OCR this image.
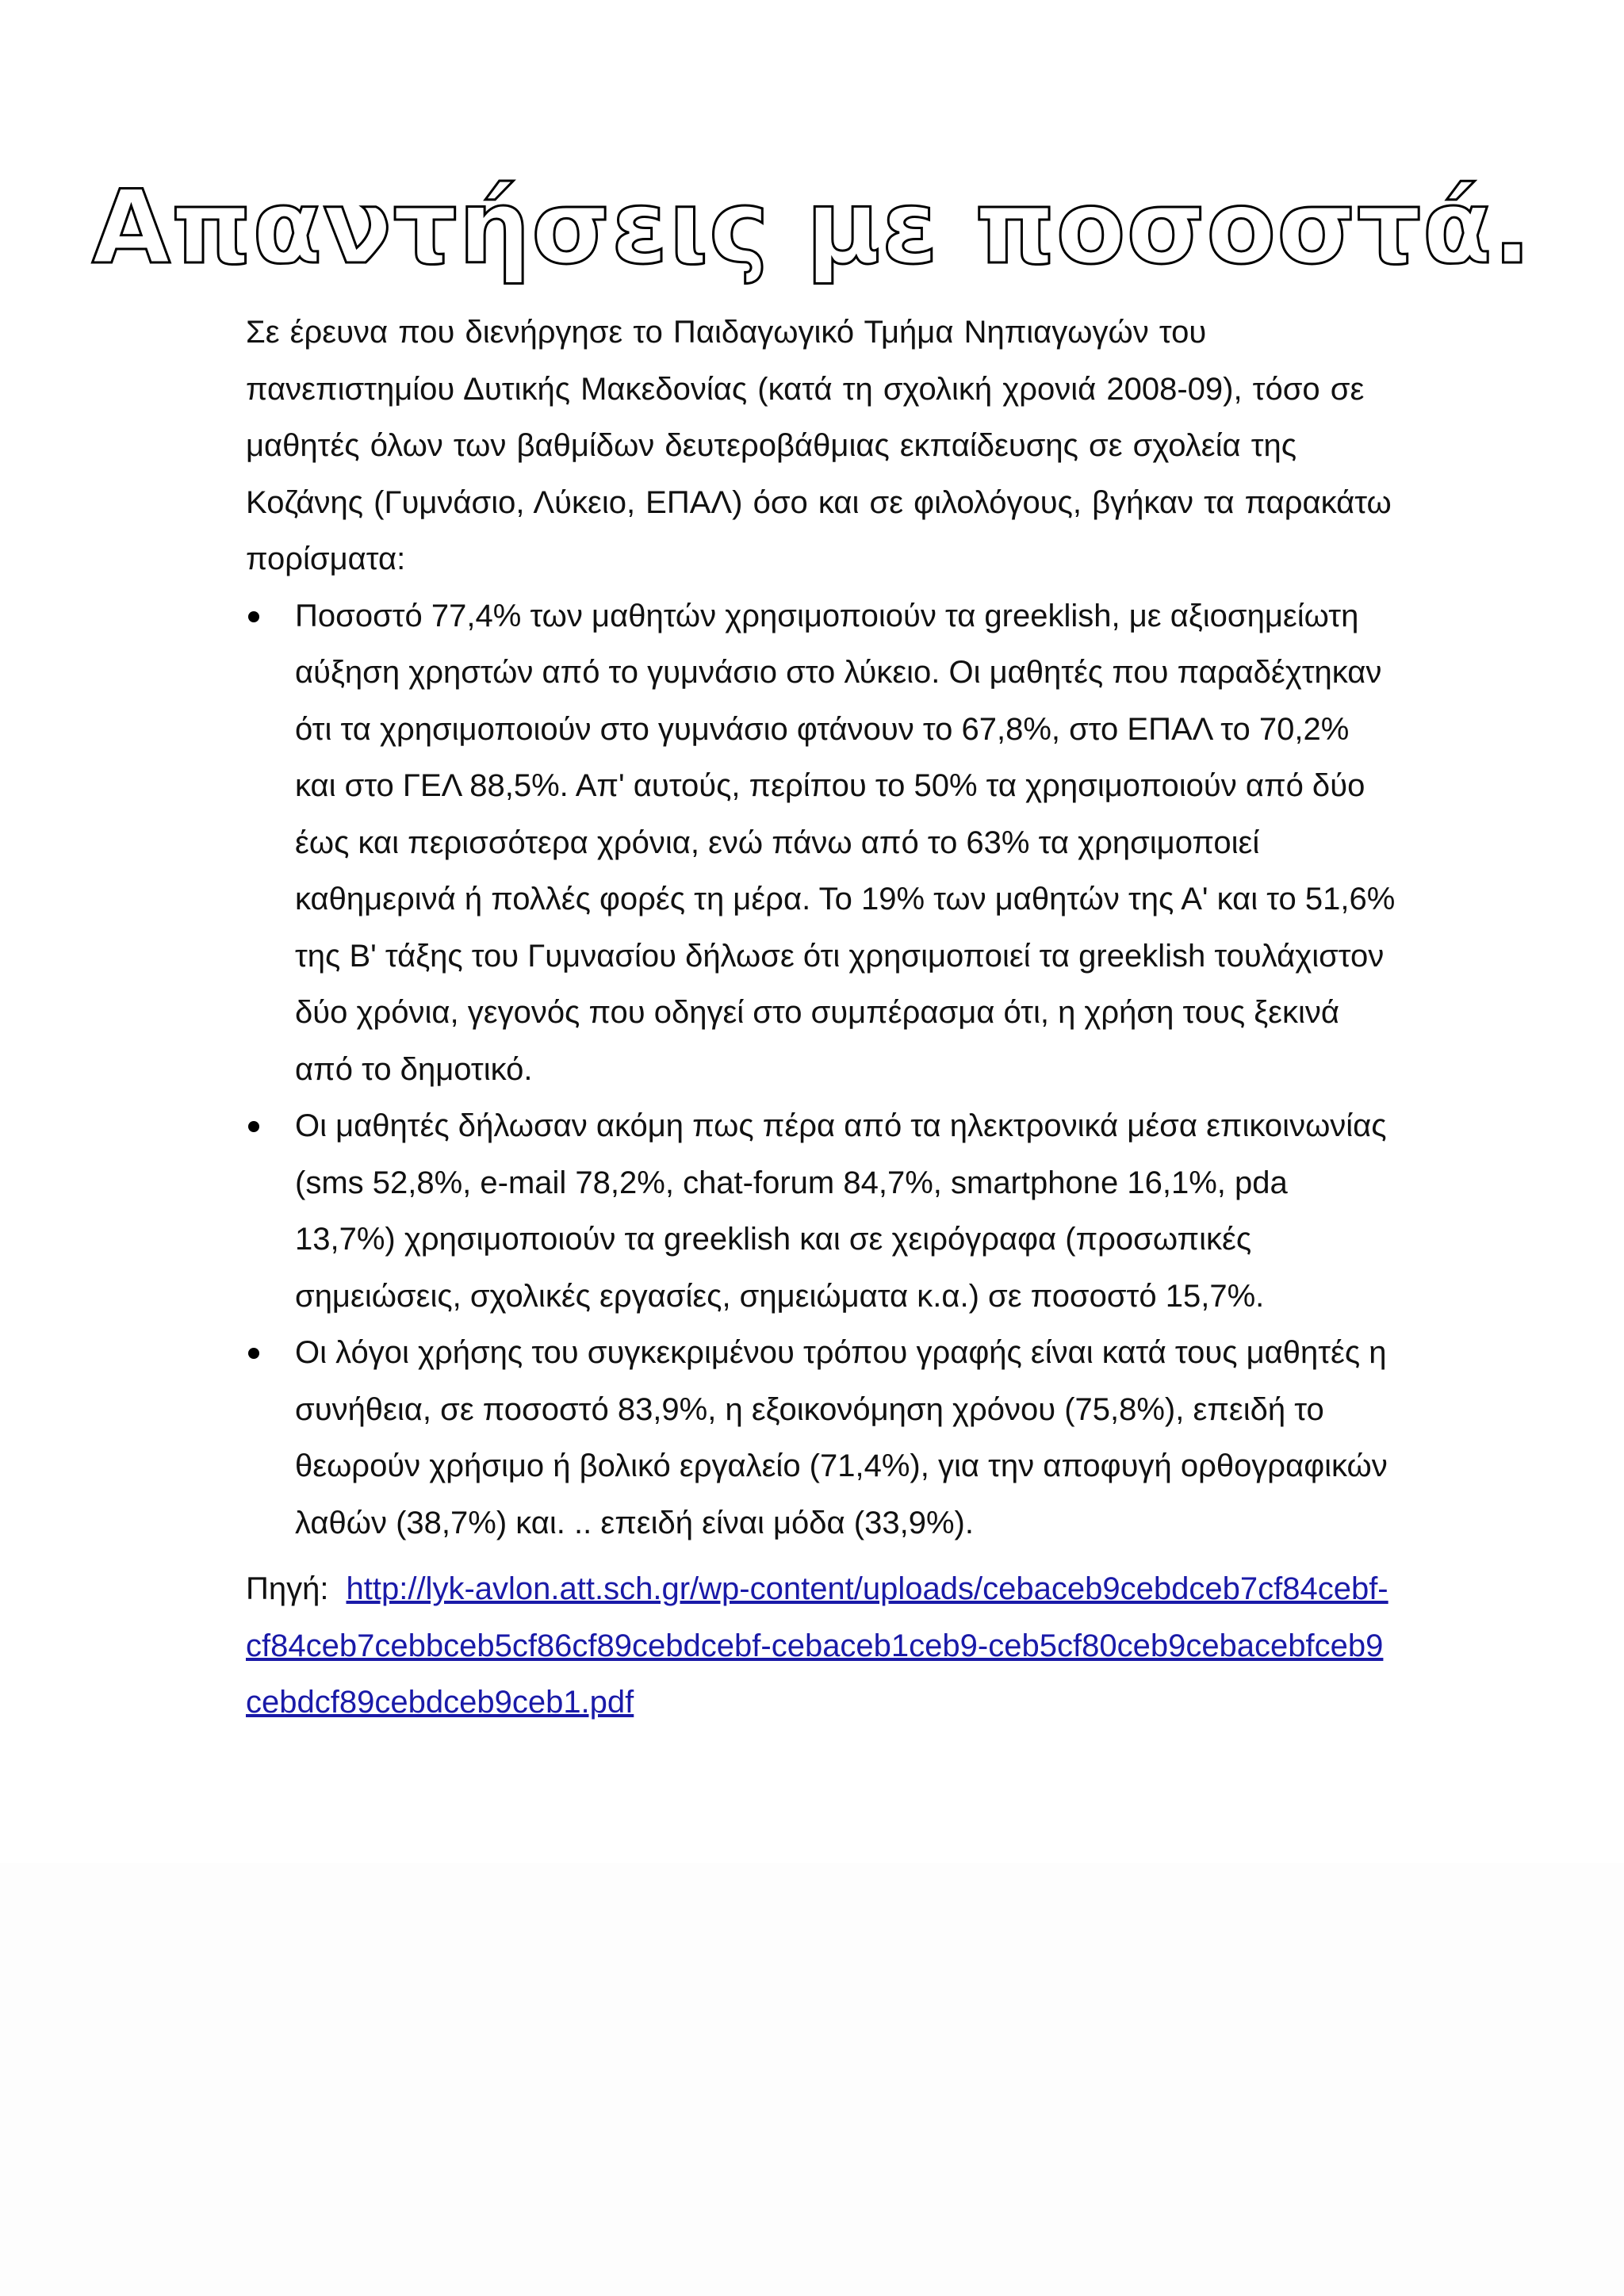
Απαντήσεις με ποσοστά.

Σε έρευνα που διενήργησε το Παιδαγωγικό Τμήμα Νηπιαγωγών του πανεπιστημίου Δυτικής Μακεδονίας (κατά τη σχολική χρονιά 2008-09), τόσο σε μαθητές όλων των βαθμίδων δευτεροβάθμιας εκπαίδευσης σε σχολεία της Κοζάνης (Γυμνάσιο, Λύκειο, ΕΠΑΛ) όσο και σε φιλολόγους, βγήκαν τα παρακάτω πορίσματα:

Ποσοστό 77,4% των μαθητών χρησιμοποιούν τα greeklish, με αξιοσημείωτη αύξηση χρηστών από το γυμνάσιο στο λύκειο. Οι μαθητές που παραδέχτηκαν ότι τα χρησιμοποιούν στο γυμνάσιο φτάνουν το 67,8%, στο ΕΠΑΛ το 70,2% και στο ΓΕΛ 88,5%. Απ' αυτούς, περίπου το 50% τα χρησιμοποιούν από δύο έως και περισσότερα χρόνια, ενώ πάνω από το 63% τα χρησιμοποιεί καθημερινά ή πολλές φορές τη μέρα. Το 19% των μαθητών της Α' και το 51,6% της Β' τάξης του Γυμνασίου δήλωσε ότι χρησιμοποιεί τα greeklish τουλάχιστον δύο χρόνια, γεγονός που οδηγεί στο συμπέρασμα ότι, η χρήση τους ξεκινά από το δημοτικό.
Οι μαθητές δήλωσαν ακόμη πως πέρα από τα ηλεκτρονικά μέσα επικοινωνίας (sms 52,8%, e-mail 78,2%, chat-forum 84,7%, smartphone 16,1%, pda 13,7%) χρησιμοποιούν τα greeklish και σε χειρόγραφα (προσωπικές σημειώσεις, σχολικές εργασίες, σημειώματα κ.α.) σε ποσοστό 15,7%.
Οι λόγοι χρήσης του συγκεκριμένου τρόπου γραφής είναι κατά τους μαθητές η συνήθεια, σε ποσοστό 83,9%, η εξοικονόμηση χρόνου (75,8%), επειδή το θεωρούν χρήσιμο ή βολικό εργαλείο (71,4%), για την αποφυγή ορθογραφικών λαθών (38,7%) και. .. επειδή είναι μόδα (33,9%).

Πηγή: http://lyk-avlon.att.sch.gr/wp-content/uploads/cebaceb9cebdceb7cf84cebf-cf84ceb7cebbceb5cf86cf89cebdcebf-cebaceb1ceb9-ceb5cf80ceb9cebacebfceb9cebdcf89cebdceb9ceb1.pdf
